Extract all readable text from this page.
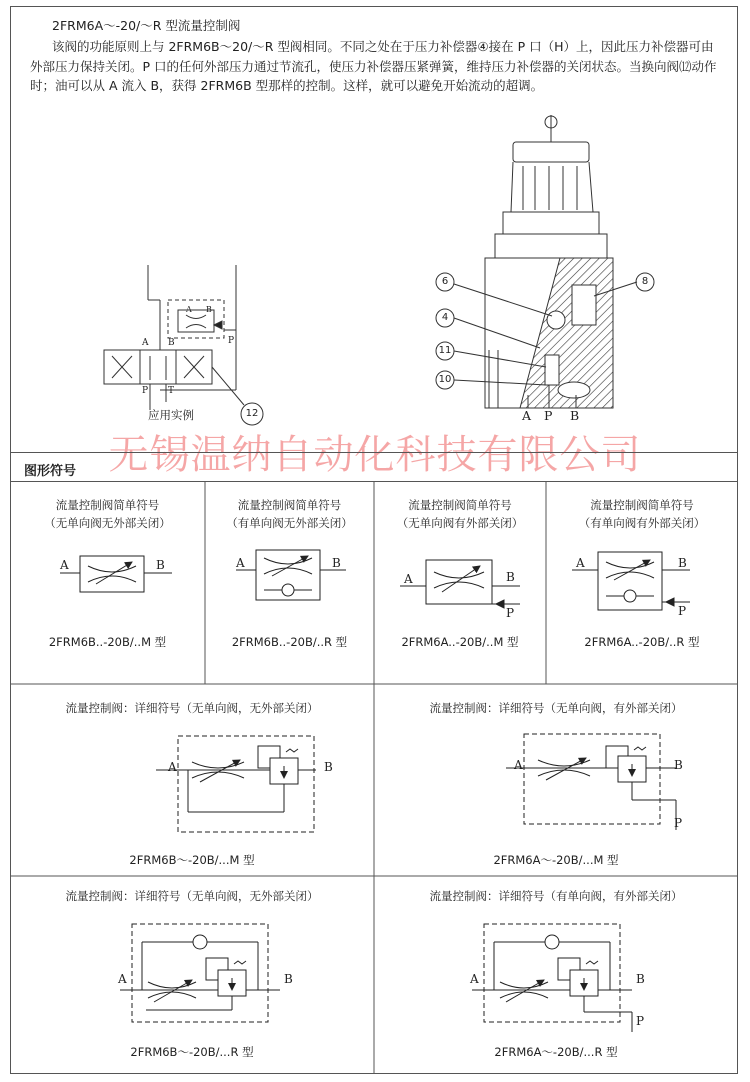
2FRM6A～-20/～R 型流量控制阀
该阀的功能原则上与 2FRM6B～20/～R 型阀相同。不同之处在于压力补偿器④接在 P 口（H）上，因此压力补偿器可由外部压力保持关闭。P 口的任何外部压力通过节流孔，使压力补偿器压紧弹簧，维持压力补偿器的关闭状态。当换向阀⑿动作时；油可以从 A 流入 B，获得 2FRM6B 型那样的控制。这样，就可以避免开始流动的超调。
应用实例	12
6
4
11
10
8
A P B
A B
P T
A B
P
无锡温纳自动化科技有限公司
图形符号
流量控制阀简单符号
（无单向阀无外部关闭）
A	B
2FRM6B..-20B/..M 型
流量控制阀简单符号
（有单向阀无外部关闭）
A	B
2FRM6B..-20B/..R 型
流量控制阀简单符号
（无单向阀有外部关闭）
A	B
P
2FRM6A..-20B/..M 型
流量控制阀简单符号
（有单向阀有外部关闭）
A	B
P
2FRM6A..-20B/..R 型
流量控制阀：详细符号（无单向阀，无外部关闭）
A	B
2FRM6B～-20B/...M 型
流量控制阀：详细符号（无单向阀，有外部关闭）
A	B
P
2FRM6A～-20B/...M 型
流量控制阀：详细符号（无单向阀，无外部关闭）
A	B
2FRM6B～-20B/...R 型
流量控制阀：详细符号（有单向阀，有外部关闭）
A	B
P
2FRM6A～-20B/...R 型
